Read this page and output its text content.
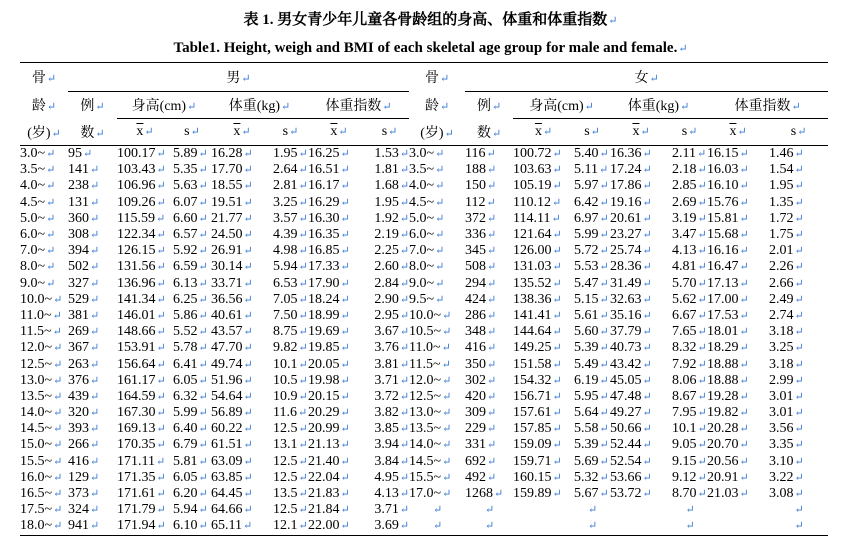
表 1. 男女青少年儿童各骨龄组的身高、体重和体重指数↵
Table1. Height, weigh and BMI of each skeletal age group for male and female.↵
骨↵	男↵							骨↵	女↵						
龄↵	例↵	身高(cm)↵		体重(kg)↵		体重指数↵		龄↵	例↵	身高(cm)↵		体重(kg)↵		体重指数↵	
(岁)↵	数↵	$\overline{x}↵$	s↵	$\overline{x}↵$	s↵	$\overline{x}↵$	s↵	(岁)↵	数↵	$\overline{x}↵$	s↵	$\overline{x}↵$	s↵	$\overline{x}↵$	s↵
3.0~↵	95↵	100.17↵	5.89↵	16.28↵	1.95↵	16.25↵	1.53↵	3.0~↵	116↵	100.72↵	5.40↵	16.36↵	2.11↵	16.15↵	1.46↵
3.5~↵	141↵	103.43↵	5.35↵	17.70↵	2.64↵	16.51↵	1.81↵	3.5~↵	188↵	103.63↵	5.11↵	17.24↵	2.18↵	16.03↵	1.54↵
4.0~↵	238↵	106.96↵	5.63↵	18.55↵	2.81↵	16.17↵	1.68↵	4.0~↵	150↵	105.19↵	5.97↵	17.86↵	2.85↵	16.10↵	1.95↵
4.5~↵	131↵	109.26↵	6.07↵	19.51↵	3.25↵	16.29↵	1.95↵	4.5~↵	112↵	110.12↵	6.42↵	19.16↵	2.69↵	15.76↵	1.35↵
5.0~↵	360↵	115.59↵	6.60↵	21.77↵	3.57↵	16.30↵	1.92↵	5.0~↵	372↵	114.11↵	6.97↵	20.61↵	3.19↵	15.81↵	1.72↵
6.0~↵	308↵	122.34↵	6.57↵	24.50↵	4.39↵	16.35↵	2.19↵	6.0~↵	336↵	121.64↵	5.99↵	23.27↵	3.47↵	15.68↵	1.75↵
7.0~↵	394↵	126.15↵	5.92↵	26.91↵	4.98↵	16.85↵	2.25↵	7.0~↵	345↵	126.00↵	5.72↵	25.74↵	4.13↵	16.16↵	2.01↵
8.0~↵	502↵	131.56↵	6.59↵	30.14↵	5.94↵	17.33↵	2.60↵	8.0~↵	508↵	131.03↵	5.53↵	28.36↵	4.81↵	16.47↵	2.26↵
9.0~↵	327↵	136.96↵	6.13↵	33.71↵	6.53↵	17.90↵	2.84↵	9.0~↵	294↵	135.52↵	5.47↵	31.49↵	5.70↵	17.13↵	2.66↵
10.0~↵	529↵	141.34↵	6.25↵	36.56↵	7.05↵	18.24↵	2.90↵	9.5~↵	424↵	138.36↵	5.15↵	32.63↵	5.62↵	17.00↵	2.49↵
11.0~↵	381↵	146.01↵	5.86↵	40.61↵	7.50↵	18.99↵	2.95↵	10.0~↵	286↵	141.41↵	5.61↵	35.16↵	6.67↵	17.53↵	2.74↵
11.5~↵	269↵	148.66↵	5.52↵	43.57↵	8.75↵	19.69↵	3.67↵	10.5~↵	348↵	144.64↵	5.60↵	37.79↵	7.65↵	18.01↵	3.18↵
12.0~↵	367↵	153.91↵	5.78↵	47.70↵	9.82↵	19.85↵	3.76↵	11.0~↵	416↵	149.25↵	5.39↵	40.73↵	8.32↵	18.29↵	3.25↵
12.5~↵	263↵	156.64↵	6.41↵	49.74↵	10.1↵	20.05↵	3.81↵	11.5~↵	350↵	151.58↵	5.49↵	43.42↵	7.92↵	18.88↵	3.18↵
13.0~↵	376↵	161.17↵	6.05↵	51.96↵	10.5↵	19.98↵	3.71↵	12.0~↵	302↵	154.32↵	6.19↵	45.05↵	8.06↵	18.88↵	2.99↵
13.5~↵	439↵	164.59↵	6.32↵	54.64↵	10.9↵	20.15↵	3.72↵	12.5~↵	420↵	156.71↵	5.95↵	47.48↵	8.67↵	19.28↵	3.01↵
14.0~↵	320↵	167.30↵	5.99↵	56.89↵	11.6↵	20.29↵	3.82↵	13.0~↵	309↵	157.61↵	5.64↵	49.27↵	7.95↵	19.82↵	3.01↵
14.5~↵	393↵	169.13↵	6.40↵	60.22↵	12.5↵	20.99↵	3.85↵	13.5~↵	229↵	157.85↵	5.58↵	50.66↵	10.1↵	20.28↵	3.56↵
15.0~↵	266↵	170.35↵	6.79↵	61.51↵	13.1↵	21.13↵	3.94↵	14.0~↵	331↵	159.09↵	5.39↵	52.44↵	9.05↵	20.70↵	3.35↵
15.5~↵	416↵	171.11↵	5.81↵	63.09↵	12.5↵	21.40↵	3.84↵	14.5~↵	692↵	159.71↵	5.69↵	52.54↵	9.15↵	20.56↵	3.10↵
16.0~↵	129↵	171.35↵	6.05↵	63.85↵	12.5↵	22.04↵	4.95↵	15.5~↵	492↵	160.15↵	5.32↵	53.66↵	9.12↵	20.91↵	3.22↵
16.5~↵	373↵	171.61↵	6.20↵	64.45↵	13.5↵	21.83↵	4.13↵	17.0~↵	1268↵	159.89↵	5.67↵	53.72↵	8.70↵	21.03↵	3.08↵
17.5~↵	324↵	171.79↵	5.94↵	64.66↵	12.5↵	21.84↵	3.71↵	↵	↵		↵		↵		↵
18.0~↵	941↵	171.94↵	6.10↵	65.11↵	12.1↵	22.00↵	3.69↵	↵	↵		↵		↵		↵
